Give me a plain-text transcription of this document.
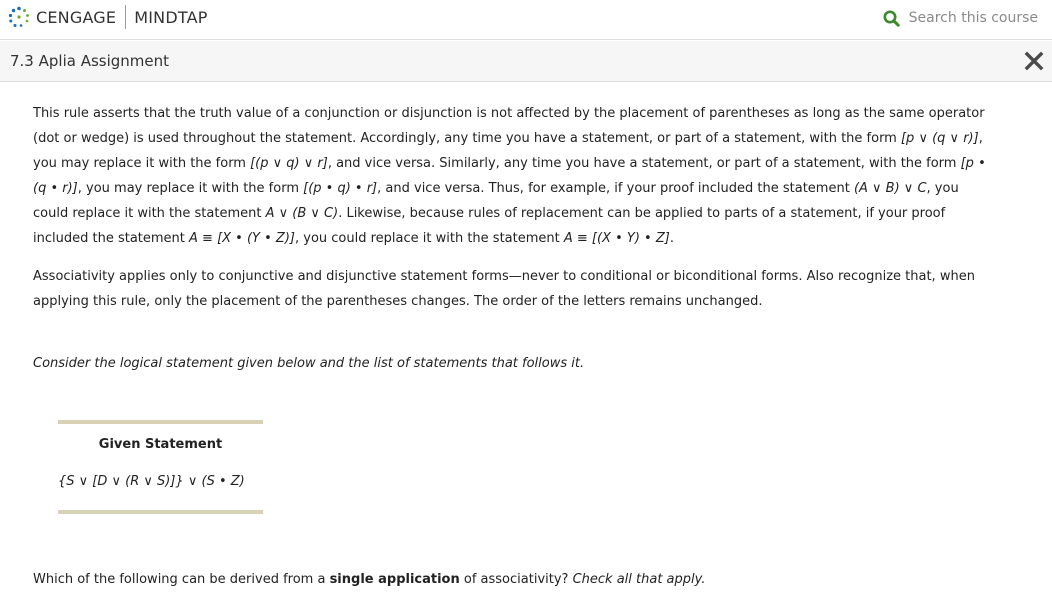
CENGAGE MINDTAP	Search this course
7.3 Aplia Assignment

This rule asserts that the truth value of a conjunction or disjunction is not affected by the placement of parentheses as long as the same operator (dot or wedge) is used throughout the statement. Accordingly, any time you have a statement, or part of a statement, with the form [p ∨ (q ∨ r)], you may replace it with the form [(p ∨ q) ∨ r], and vice versa. Similarly, any time you have a statement, or part of a statement, with the form [p • (q • r)], you may replace it with the form [(p • q) • r], and vice versa. Thus, for example, if your proof included the statement (A ∨ B) ∨ C, you could replace it with the statement A ∨ (B ∨ C). Likewise, because rules of replacement can be applied to parts of a statement, if your proof included the statement A ≡ [X • (Y • Z)], you could replace it with the statement A ≡ [(X • Y) • Z].

Associativity applies only to conjunctive and disjunctive statement forms—never to conditional or biconditional forms. Also recognize that, when applying this rule, only the placement of the parentheses changes. The order of the letters remains unchanged.

Consider the logical statement given below and the list of statements that follows it.

Given Statement
{S ∨ [D ∨ (R ∨ S)]} ∨ (S • Z)
Which of the following can be derived from a single application of associativity? Check all that apply.
